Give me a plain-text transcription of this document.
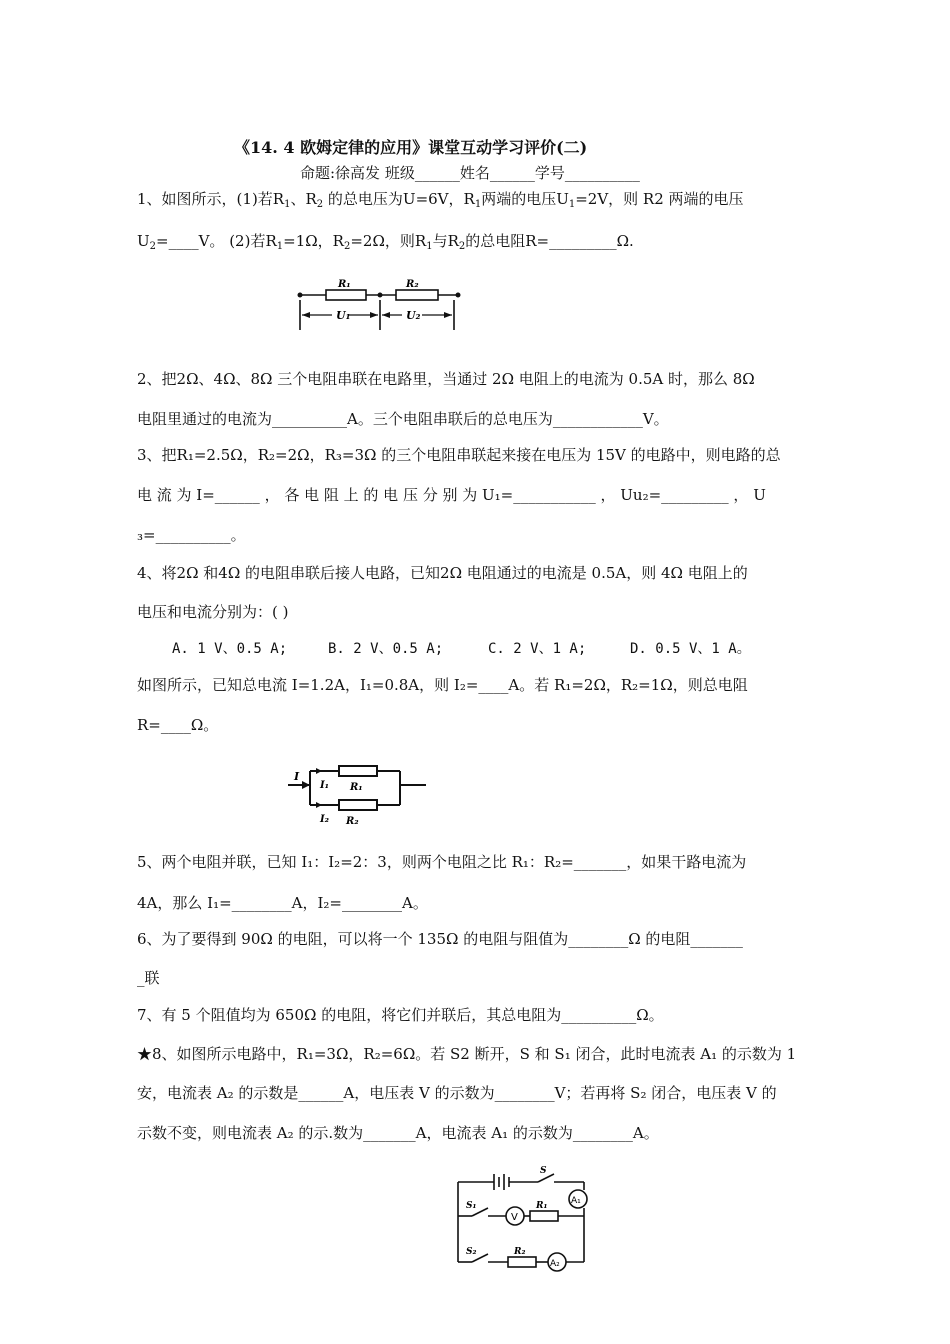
《14. 4 欧姆定律的应用》课堂互动学习评价(二)
命题:徐高发 班级______姓名______学号__________
1、如图所示，(1)若$R_1$、$R_2$ 的总电压为U=6V，$R_1$两端的电压$U_1=2V$，则 R2 两端的电压
$U_2=\_\_\_\_V$。 (2)若$R_1=1\Omega$，$R_2=2\Omega$，则$R_1$与$R_2$的总电阻R=_________Ω.
R₁	R₂
U₁	U₂
2、把2Ω、4Ω、8Ω 三个电阻串联在电路里，当通过 2Ω 电阻上的电流为 0.5A 时，那么 8Ω
电阻里通过的电流为__________A。三个电阻串联后的总电压为____________V。
3、把R₁=2.5Ω，R₂=2Ω，R₃=3Ω 的三个电阻串联起来接在电压为 15V 的电路中，则电路的总
电 流 为 I=______ ， 各 电 阻 上 的 电 压 分 别 为 U₁=___________ ， Uu₂=_________ ， U
₃=__________。
4、将2Ω 和4Ω 的电阻串联后接人电路，已知2Ω 电阻通过的电流是 0.5A，则 4Ω 电阻上的
电压和电流分别为：( )
A. 1 V、0.5 A;	B. 2 V、0.5 A;	C. 2 V、1 A;	D. 0.5 V、1 A。
如图所示，已知总电流 I=1.2A，I₁=0.8A，则 I₂=____A。若 R₁=2Ω，R₂=1Ω，则总电阻
R=____Ω。
I
I₁ R₁
I₂ R₂
5、两个电阻并联，已知 I₁：I₂=2：3，则两个电阻之比 R₁：R₂=_______，如果干路电流为
4A，那么 I₁=________A，I₂=________A。
6、为了要得到 90Ω 的电阻，可以将一个 135Ω 的电阻与阻值为________Ω 的电阻_______
_联
7、有 5 个阻值均为 650Ω 的电阻，将它们并联后，其总电阻为__________Ω。
★8、如图所示电路中，R₁=3Ω，R₂=6Ω。若 S2 断开，S 和 S₁ 闭合，此时电流表 A₁ 的示数为 1
安，电流表 A₂ 的示数是______A，电压表 V 的示数为________V；若再将 S₂ 闭合，电压表 V 的
示数不变，则电流表 A₂ 的示.数为_______A，电流表 A₁ 的示数为________A。
S
S₁
S₂
V
R₁
R₂
A₁
A₂
